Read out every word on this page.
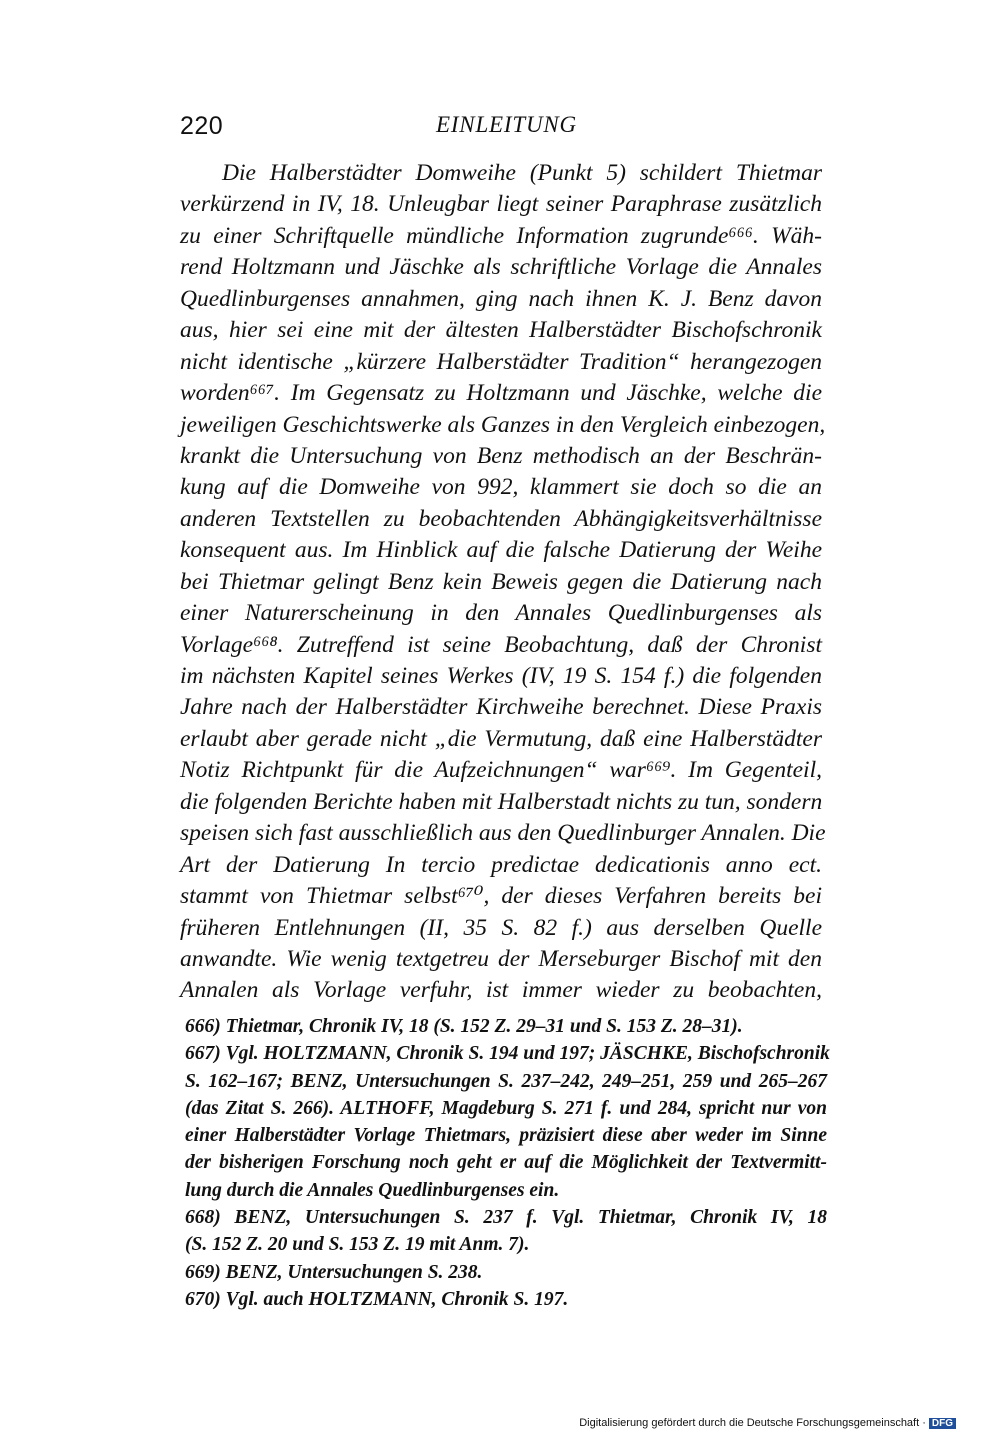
220	EINLEITUNG
Die Halberstädter Domweihe (Punkt 5) schildert Thietmar
verkürzend in IV, 18. Unleugbar liegt seiner Paraphrase zusätzlich
zu einer Schriftquelle mündliche Information zugrunde⁶⁶⁶. Wäh-
rend Holtzmann und Jäschke als schriftliche Vorlage die Annales
Quedlinburgenses annahmen, ging nach ihnen K. J. Benz davon
aus, hier sei eine mit der ältesten Halberstädter Bischofschronik
nicht identische „kürzere Halberstädter Tradition“ herangezogen
worden⁶⁶⁷. Im Gegensatz zu Holtzmann und Jäschke, welche die
jeweiligen Geschichtswerke als Ganzes in den Vergleich einbezogen,
krankt die Untersuchung von Benz methodisch an der Beschrän-
kung auf die Domweihe von 992, klammert sie doch so die an
anderen Textstellen zu beobachtenden Abhängigkeitsverhältnisse
konsequent aus. Im Hinblick auf die falsche Datierung der Weihe
bei Thietmar gelingt Benz kein Beweis gegen die Datierung nach
einer Naturerscheinung in den Annales Quedlinburgenses als
Vorlage⁶⁶⁸. Zutreffend ist seine Beobachtung, daß der Chronist
im nächsten Kapitel seines Werkes (IV, 19 S. 154 f.) die folgenden
Jahre nach der Halberstädter Kirchweihe berechnet. Diese Praxis
erlaubt aber gerade nicht „die Vermutung, daß eine Halberstädter
Notiz Richtpunkt für die Aufzeichnungen“ war⁶⁶⁹. Im Gegenteil,
die folgenden Berichte haben mit Halberstadt nichts zu tun, sondern
speisen sich fast ausschließlich aus den Quedlinburger Annalen. Die
Art der Datierung In tercio predictae dedicationis anno ect.
stammt von Thietmar selbst⁶⁷⁰, der dieses Verfahren bereits bei
früheren Entlehnungen (II, 35 S. 82 f.) aus derselben Quelle
anwandte. Wie wenig textgetreu der Merseburger Bischof mit den
Annalen als Vorlage verfuhr, ist immer wieder zu beobachten,
666) Thietmar, Chronik IV, 18 (S. 152 Z. 29–31 und S. 153 Z. 28–31).
667) Vgl. HOLTZMANN, Chronik S. 194 und 197; JÄSCHKE, Bischofschronik
S. 162–167; BENZ, Untersuchungen S. 237–242, 249–251, 259 und 265–267
(das Zitat S. 266). ALTHOFF, Magdeburg S. 271 f. und 284, spricht nur von
einer Halberstädter Vorlage Thietmars, präzisiert diese aber weder im Sinne
der bisherigen Forschung noch geht er auf die Möglichkeit der Textvermitt-
lung durch die Annales Quedlinburgenses ein.
668) BENZ, Untersuchungen S. 237 f. Vgl. Thietmar, Chronik IV, 18
(S. 152 Z. 20 und S. 153 Z. 19 mit Anm. 7).
669) BENZ, Untersuchungen S. 238.
670) Vgl. auch HOLTZMANN, Chronik S. 197.
Digitalisierung gefördert durch die Deutsche Forschungsgemeinschaft · DFG
